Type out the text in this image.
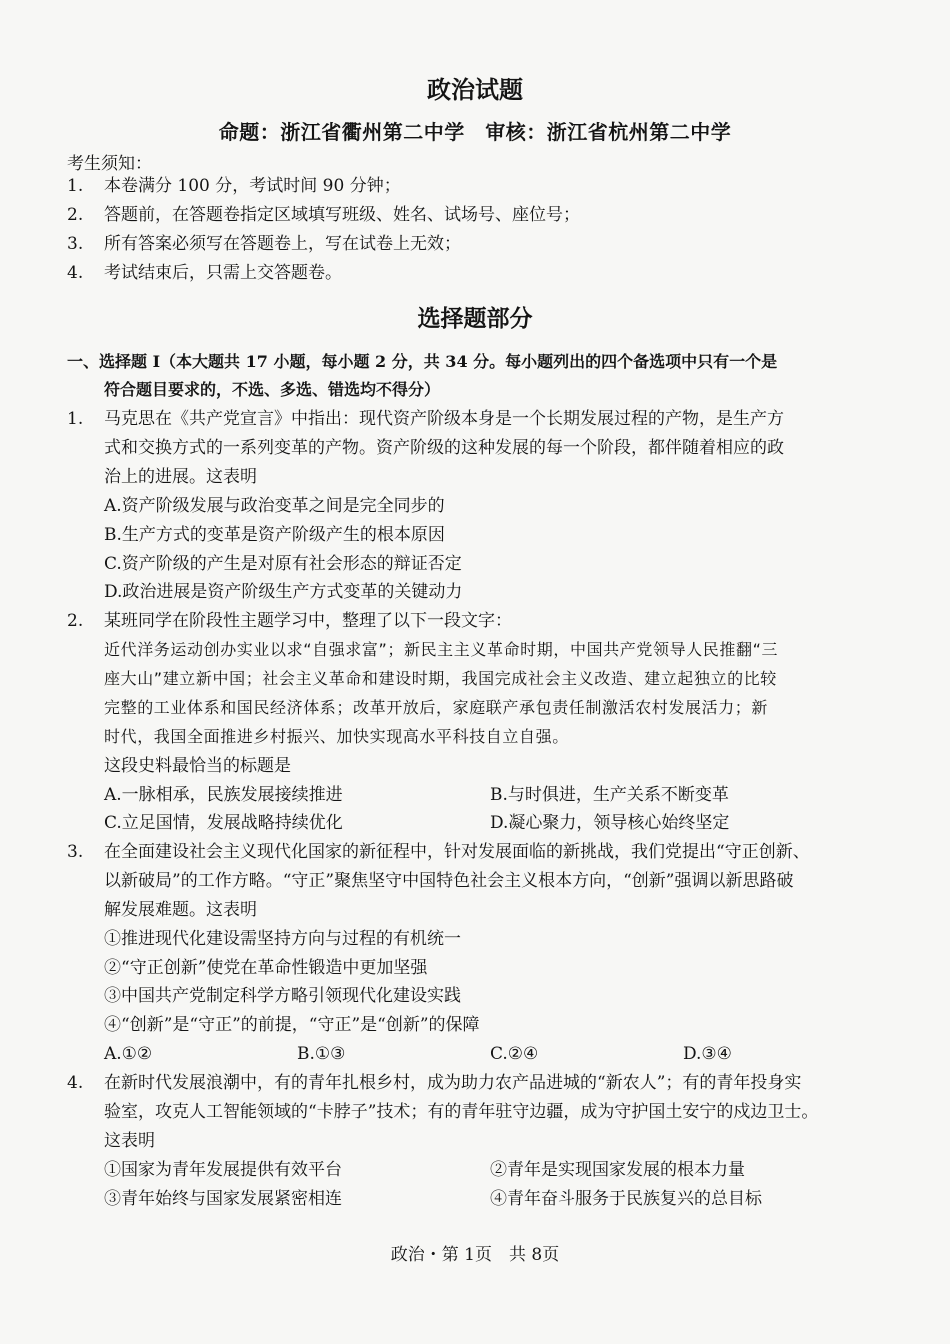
政治试题
命题：浙江省衢州第二中学　审核：浙江省杭州第二中学
考生须知：
1. 本卷满分 100 分，考试时间 90 分钟；
2. 答题前，在答题卷指定区域填写班级、姓名、试场号、座位号；
3. 所有答案必须写在答题卷上，写在试卷上无效；
4. 考试结束后，只需上交答题卷。
选择题部分
一、选择题 I（本大题共 17 小题，每小题 2 分，共 34 分。每小题列出的四个备选项中只有一个是
符合题目要求的，不选、多选、错选均不得分）
1. 马克思在《共产党宣言》中指出：现代资产阶级本身是一个长期发展过程的产物，是生产方
式和交换方式的一系列变革的产物。资产阶级的这种发展的每一个阶段，都伴随着相应的政
治上的进展。这表明
A.资产阶级发展与政治变革之间是完全同步的
B.生产方式的变革是资产阶级产生的根本原因
C.资产阶级的产生是对原有社会形态的辩证否定
D.政治进展是资产阶级生产方式变革的关键动力
2. 某班同学在阶段性主题学习中，整理了以下一段文字：
近代洋务运动创办实业以求“自强求富”；新民主主义革命时期，中国共产党领导人民推翻“三
座大山”建立新中国；社会主义革命和建设时期，我国完成社会主义改造、建立起独立的比较
完整的工业体系和国民经济体系；改革开放后，家庭联产承包责任制激活农村发展活力；新
时代，我国全面推进乡村振兴、加快实现高水平科技自立自强。
这段史料最恰当的标题是
A.一脉相承，民族发展接续推进	B.与时俱进，生产关系不断变革
C.立足国情，发展战略持续优化	D.凝心聚力，领导核心始终坚定
3. 在全面建设社会主义现代化国家的新征程中，针对发展面临的新挑战，我们党提出“守正创新、
以新破局”的工作方略。“守正”聚焦坚守中国特色社会主义根本方向，“创新”强调以新思路破
解发展难题。这表明
①推进现代化建设需坚持方向与过程的有机统一
②“守正创新”使党在革命性锻造中更加坚强
③中国共产党制定科学方略引领现代化建设实践
④“创新”是“守正”的前提，“守正”是“创新”的保障
A.①②	B.①③	C.②④	D.③④
4. 在新时代发展浪潮中，有的青年扎根乡村，成为助力农产品进城的“新农人”；有的青年投身实
验室，攻克人工智能领域的“卡脖子”技术；有的青年驻守边疆，成为守护国土安宁的戍边卫士。
这表明
①国家为青年发展提供有效平台	②青年是实现国家发展的根本力量
③青年始终与国家发展紧密相连	④青年奋斗服务于民族复兴的总目标
政治・第 1页　共 8页
